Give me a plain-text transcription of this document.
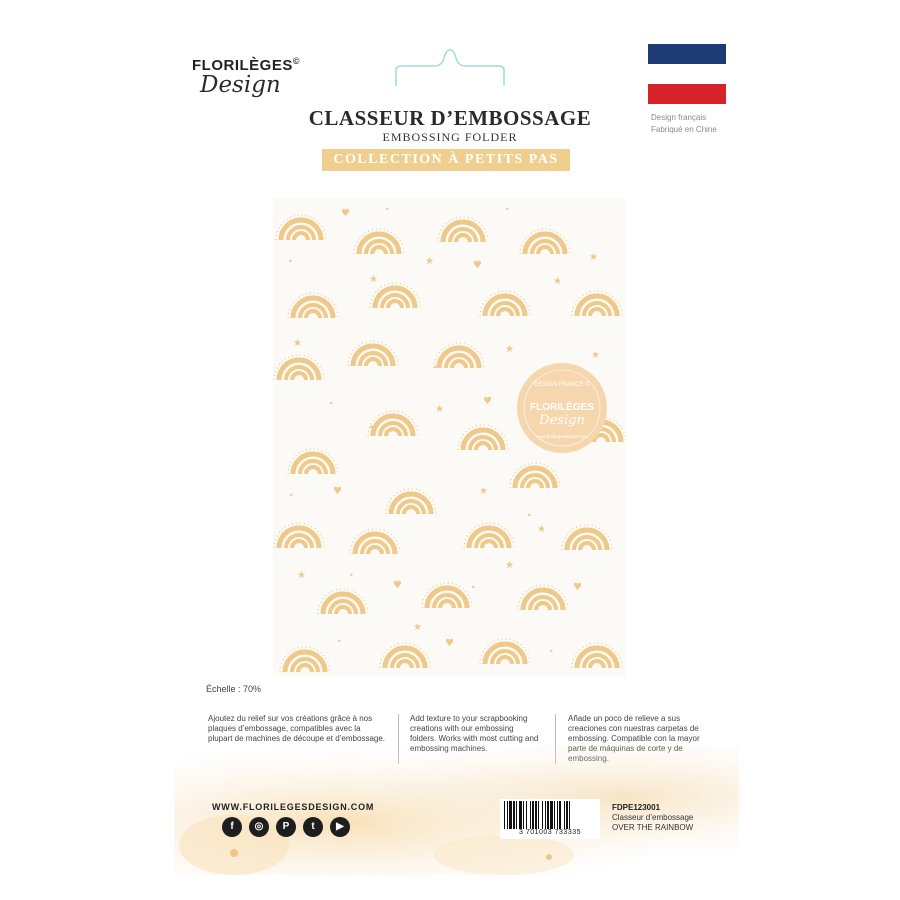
FLORILÈGES©
Design
CLASSEUR D’EMBOSSAGE
EMBOSSING FOLDER
COLLECTION À PETITS PAS
Design français
Fabriqué en Chine
♥	•	•
•	★	★
♥
★	★
★
★
★
•
•
★
♥
•
♥
•	★
•
★
★	•
♥
★
•	♥
★
♥
•
•
DESIGN FRANCE ®
FLORILÈGES
Design
www.florilegesdesign.com
Échelle : 70%
Ajoutez du relief sur vos créations grâce à nos plaques d’embossage, compatibles avec la plupart de machines de découpe et d’embossage.
Add texture to your scrapbooking creations with our embossing folders. Works with most cutting and
Añade un poco de relieve a sus creaciones con nuestras carpetas de embossing. Compatible con la mayor
WWW.FLORILEGESDESIGN.COM
f	◎	P	t	▶
3 701003 733335
FDPE123001
Classeur d’embossage
OVER THE RAINBOW
